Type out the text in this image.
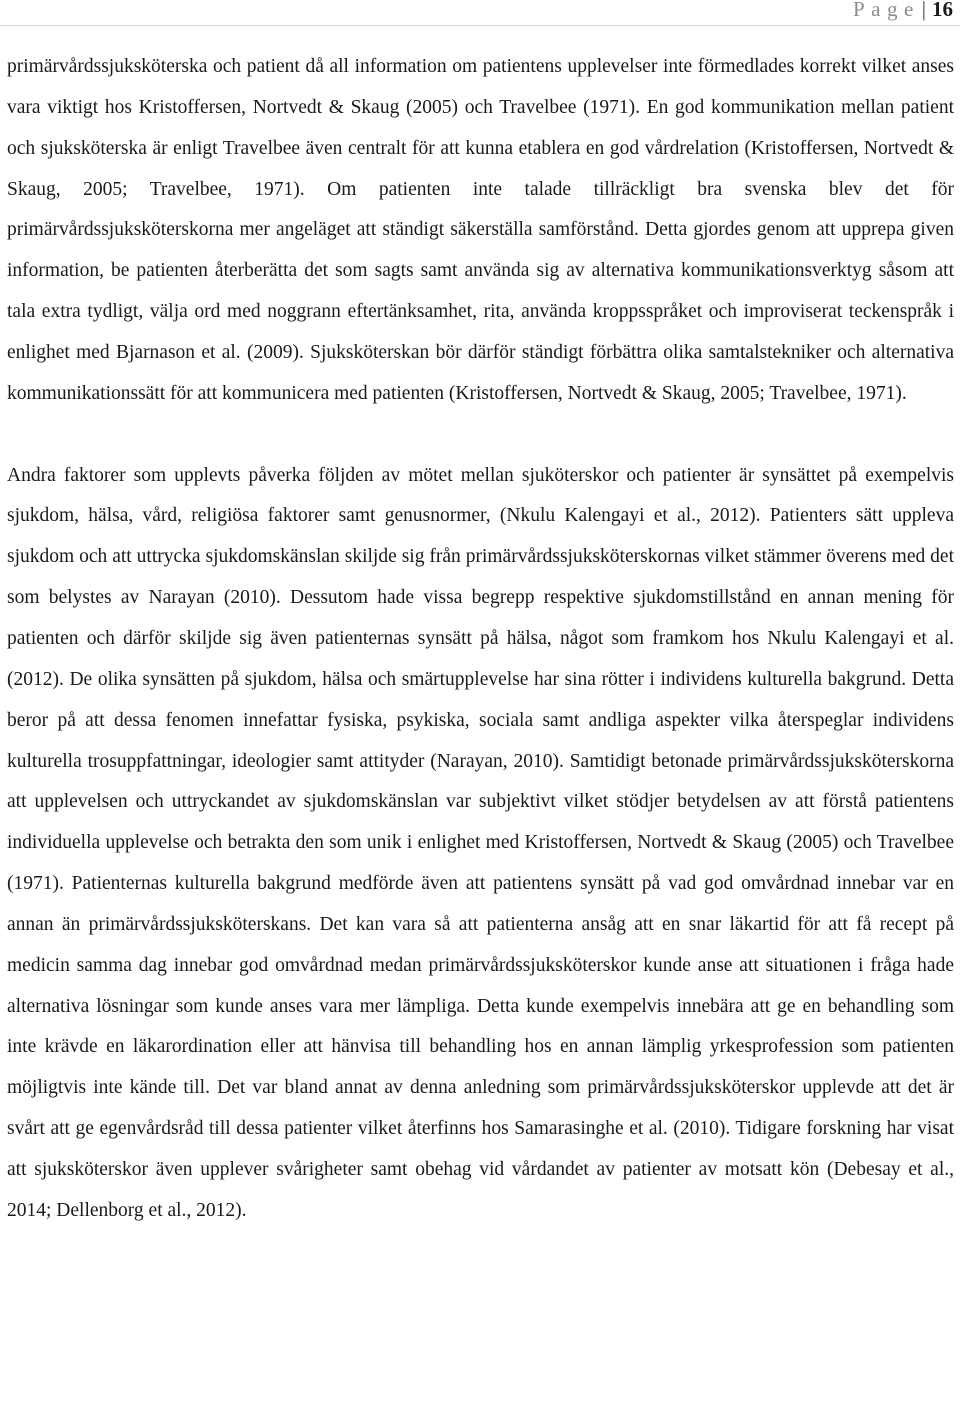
Page| 16

primärvårdssjuksköterska och patient då all information om patientens upplevelser inte förmedlades korrekt vilket anses vara viktigt hos Kristoffersen, Nortvedt & Skaug (2005) och Travelbee (1971). En god kommunikation mellan patient och sjuksköterska är enligt Travelbee även centralt för att kunna etablera en god vårdrelation (Kristoffersen, Nortvedt & Skaug, 2005; Travelbee, 1971). Om patienten inte talade tillräckligt bra svenska blev det för primärvårdssjuksköterskorna mer angeläget att ständigt säkerställa samförstånd. Detta gjordes genom att upprepa given information, be patienten återberätta det som sagts samt använda sig av alternativa kommunikationsverktyg såsom att tala extra tydligt, välja ord med noggrann eftertänksamhet, rita, använda kroppsspråket och improviserat teckenspråk i enlighet med Bjarnason et al. (2009). Sjuksköterskan bör därför ständigt förbättra olika samtalstekniker och alternativa kommunikationssätt för att kommunicera med patienten (Kristoffersen, Nortvedt & Skaug, 2005; Travelbee, 1971).

Andra faktorer som upplevts påverka följden av mötet mellan sjuköterskor och patienter är synsättet på exempelvis sjukdom, hälsa, vård, religiösa faktorer samt genusnormer, (Nkulu Kalengayi et al., 2012). Patienters sätt uppleva sjukdom och att uttrycka sjukdomskänslan skiljde sig från primärvårdssjuksköterskornas vilket stämmer överens med det som belystes av Narayan (2010). Dessutom hade vissa begrepp respektive sjukdomstillstånd en annan mening för patienten och därför skiljde sig även patienternas synsätt på hälsa, något som framkom hos Nkulu Kalengayi et al. (2012). De olika synsätten på sjukdom, hälsa och smärtupplevelse har sina rötter i individens kulturella bakgrund. Detta beror på att dessa fenomen innefattar fysiska, psykiska, sociala samt andliga aspekter vilka återspeglar individens kulturella trosuppfattningar, ideologier samt attityder (Narayan, 2010). Samtidigt betonade primärvårdssjuksköterskorna att upplevelsen och uttryckandet av sjukdomskänslan var subjektivt vilket stödjer betydelsen av att förstå patientens individuella upplevelse och betrakta den som unik i enlighet med Kristoffersen, Nortvedt & Skaug (2005) och Travelbee (1971). Patienternas kulturella bakgrund medförde även att patientens synsätt på vad god omvårdnad innebar var en annan än primärvårdssjuksköterskans. Det kan vara så att patienterna ansåg att en snar läkartid för att få recept på medicin samma dag innebar god omvårdnad medan primärvårdssjuksköterskor kunde anse att situationen i fråga hade alternativa lösningar som kunde anses vara mer lämpliga. Detta kunde exempelvis innebära att ge en behandling som inte krävde en läkarordination eller att hänvisa till behandling hos en annan lämplig yrkesprofession som patienten möjligtvis inte kände till. Det var bland annat av denna anledning som primärvårdssjuksköterskor upplevde att det är svårt att ge egenvårdsråd till dessa patienter vilket återfinns hos Samarasinghe et al. (2010). Tidigare forskning har visat att sjuksköterskor även upplever svårigheter samt obehag vid vårdandet av patienter av motsatt kön (Debesay et al., 2014; Dellenborg et al., 2012).
